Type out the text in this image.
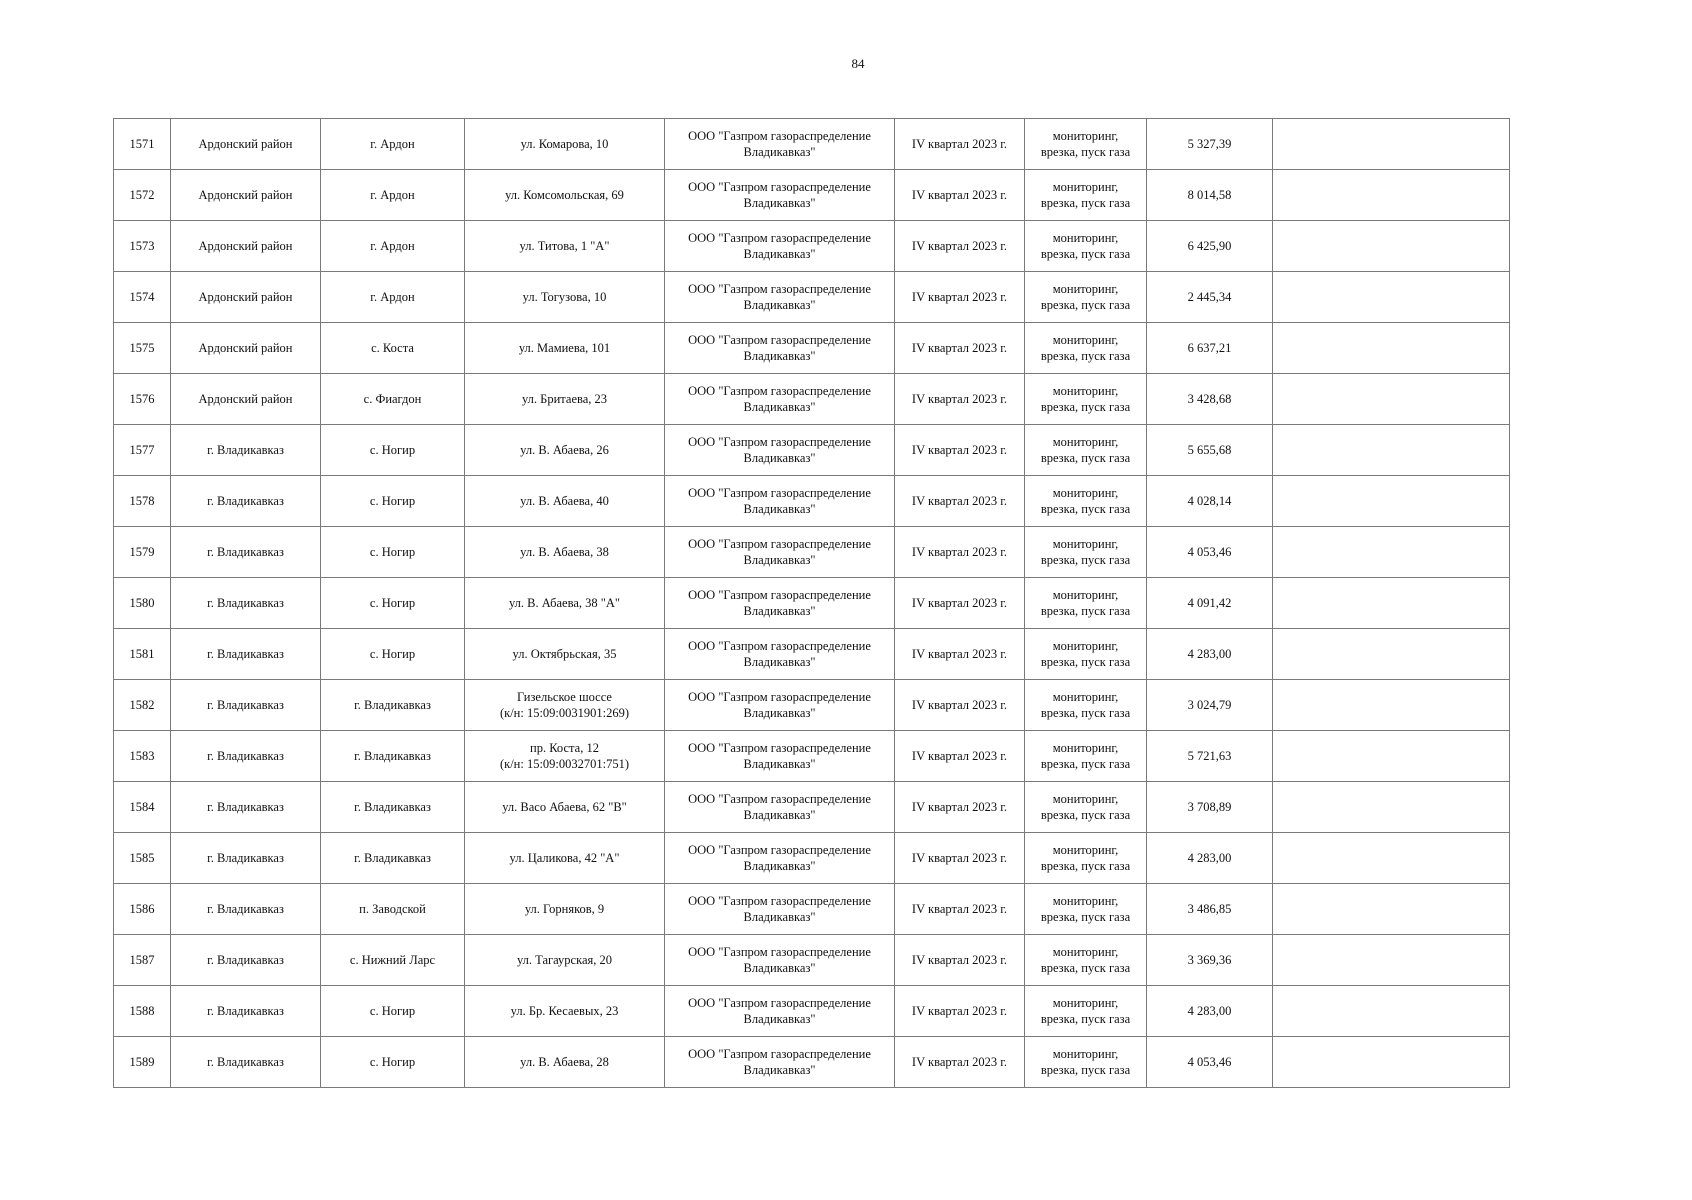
84
1571	Ардонский район	г. Ардон	ул. Комарова, 10	ООО "Газпром газораспределение
Владикавказ"	IV квартал 2023 г.	мониторинг,
врезка, пуск газа	5 327,39	
1572	Ардонский район	г. Ардон	ул. Комсомольская, 69	ООО "Газпром газораспределение
Владикавказ"	IV квартал 2023 г.	мониторинг,
врезка, пуск газа	8 014,58	
1573	Ардонский район	г. Ардон	ул. Титова, 1 "А"	ООО "Газпром газораспределение
Владикавказ"	IV квартал 2023 г.	мониторинг,
врезка, пуск газа	6 425,90	
1574	Ардонский район	г. Ардон	ул. Тогузова, 10	ООО "Газпром газораспределение
Владикавказ"	IV квартал 2023 г.	мониторинг,
врезка, пуск газа	2 445,34	
1575	Ардонский район	с. Коста	ул. Мамиева, 101	ООО "Газпром газораспределение
Владикавказ"	IV квартал 2023 г.	мониторинг,
врезка, пуск газа	6 637,21	
1576	Ардонский район	с. Фиагдон	ул. Бритаева, 23	ООО "Газпром газораспределение
Владикавказ"	IV квартал 2023 г.	мониторинг,
врезка, пуск газа	3 428,68	
1577	г. Владикавказ	с. Ногир	ул. В. Абаева, 26	ООО "Газпром газораспределение
Владикавказ"	IV квартал 2023 г.	мониторинг,
врезка, пуск газа	5 655,68	
1578	г. Владикавказ	с. Ногир	ул. В. Абаева, 40	ООО "Газпром газораспределение
Владикавказ"	IV квартал 2023 г.	мониторинг,
врезка, пуск газа	4 028,14	
1579	г. Владикавказ	с. Ногир	ул. В. Абаева, 38	ООО "Газпром газораспределение
Владикавказ"	IV квартал 2023 г.	мониторинг,
врезка, пуск газа	4 053,46	
1580	г. Владикавказ	с. Ногир	ул. В. Абаева, 38 "А"	ООО "Газпром газораспределение
Владикавказ"	IV квартал 2023 г.	мониторинг,
врезка, пуск газа	4 091,42	
1581	г. Владикавказ	с. Ногир	ул. Октябрьская, 35	ООО "Газпром газораспределение
Владикавказ"	IV квартал 2023 г.	мониторинг,
врезка, пуск газа	4 283,00	
1582	г. Владикавказ	г. Владикавказ	Гизельское шоссе
(к/н: 15:09:0031901:269)	ООО "Газпром газораспределение
Владикавказ"	IV квартал 2023 г.	мониторинг,
врезка, пуск газа	3 024,79	
1583	г. Владикавказ	г. Владикавказ	пр. Коста, 12
(к/н: 15:09:0032701:751)	ООО "Газпром газораспределение
Владикавказ"	IV квартал 2023 г.	мониторинг,
врезка, пуск газа	5 721,63	
1584	г. Владикавказ	г. Владикавказ	ул. Васо Абаева, 62 "В"	ООО "Газпром газораспределение
Владикавказ"	IV квартал 2023 г.	мониторинг,
врезка, пуск газа	3 708,89	
1585	г. Владикавказ	г. Владикавказ	ул. Цаликова, 42 "А"	ООО "Газпром газораспределение
Владикавказ"	IV квартал 2023 г.	мониторинг,
врезка, пуск газа	4 283,00	
1586	г. Владикавказ	п. Заводской	ул. Горняков, 9	ООО "Газпром газораспределение
Владикавказ"	IV квартал 2023 г.	мониторинг,
врезка, пуск газа	3 486,85	
1587	г. Владикавказ	с. Нижний Ларс	ул. Тагаурская, 20	ООО "Газпром газораспределение
Владикавказ"	IV квартал 2023 г.	мониторинг,
врезка, пуск газа	3 369,36	
1588	г. Владикавказ	с. Ногир	ул. Бр. Кесаевых, 23	ООО "Газпром газораспределение
Владикавказ"	IV квартал 2023 г.	мониторинг,
врезка, пуск газа	4 283,00	
1589	г. Владикавказ	с. Ногир	ул. В. Абаева, 28	ООО "Газпром газораспределение
Владикавказ"	IV квартал 2023 г.	мониторинг,
врезка, пуск газа	4 053,46	
